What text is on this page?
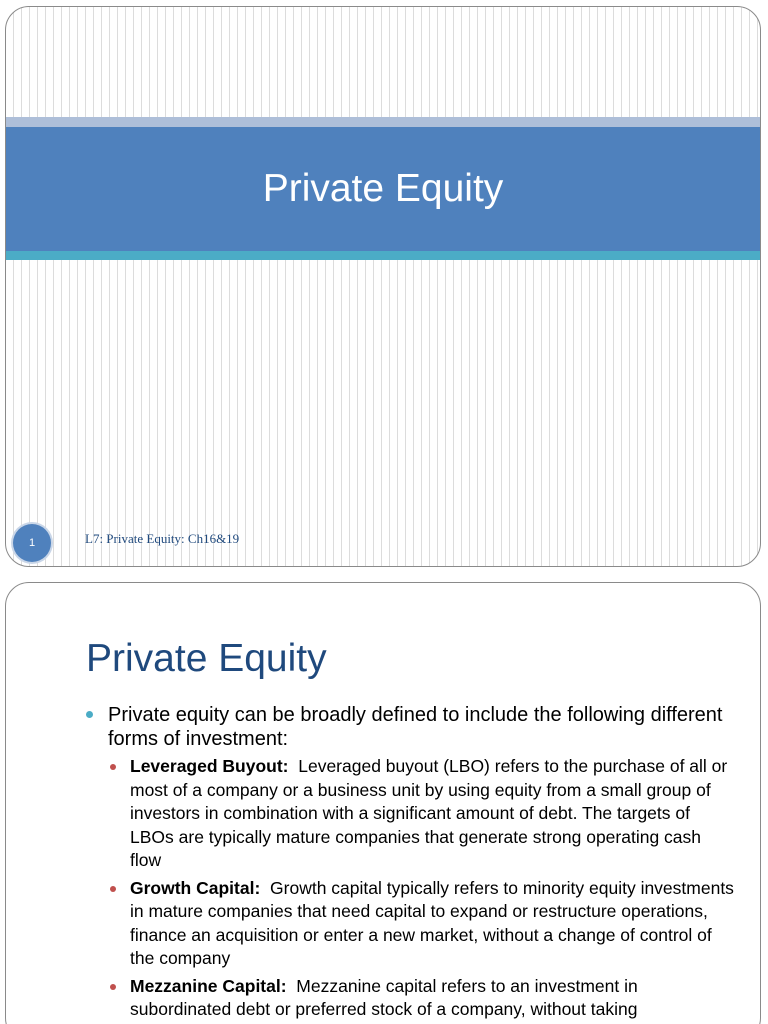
Private Equity
1	L7: Private Equity: Ch16&19
Private Equity
Private equity can be broadly defined to include the following different forms of investment:
Leveraged Buyout: Leveraged buyout (LBO) refers to the purchase of all or most of a company or a business unit by using equity from a small group of investors in combination with a significant amount of debt. The targets of LBOs are typically mature companies that generate strong operating cash flow
Growth Capital: Growth capital typically refers to minority equity investments in mature companies that need capital to expand or restructure operations, finance an acquisition or enter a new market, without a change of control of the company
Mezzanine Capital: Mezzanine capital refers to an investment in subordinated debt or preferred stock of a company, without taking
